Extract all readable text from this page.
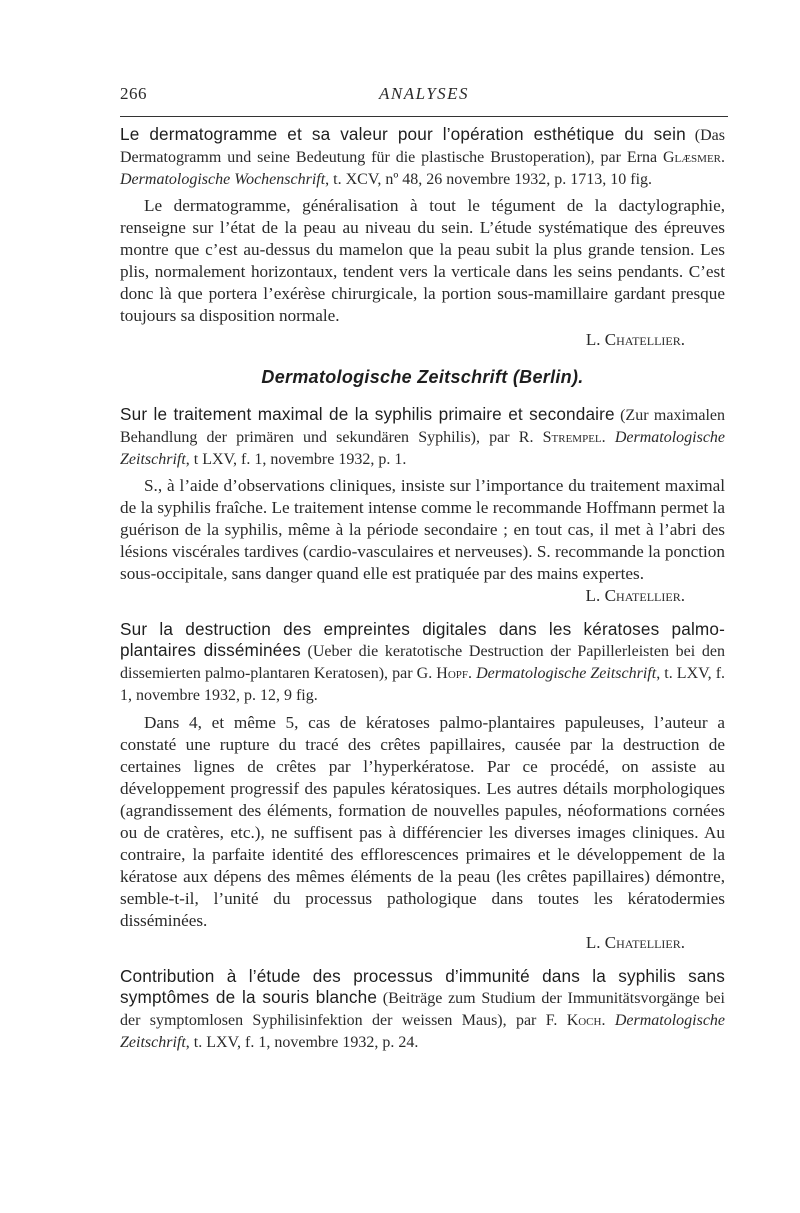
266	ANALYSES
Le dermatogramme et sa valeur pour l’opération esthétique du sein (Das Dermatogramm und seine Bedeutung für die plastische Brustoperation), par Erna Glæsmer. Dermatologische Wochenschrift, t. XCV, nº 48, 26 novembre 1932, p. 1713, 10 fig.

Le dermatogramme, généralisation à tout le tégument de la dactylographie, renseigne sur l’état de la peau au niveau du sein. L’étude systématique des épreuves montre que c’est au-dessus du mamelon que la peau subit la plus grande tension. Les plis, normalement horizontaux, tendent vers la verticale dans les seins pendants. C’est donc là que portera l’exérèse chirurgicale, la portion sous-mamillaire gardant presque toujours sa disposition normale.

L. Chatellier.

Dermatologische Zeitschrift (Berlin).

Sur le traitement maximal de la syphilis primaire et secondaire (Zur maximalen Behandlung der primären und sekundären Syphilis), par R. Strempel. Dermatologische Zeitschrift, t LXV, f. 1, novembre 1932, p. 1.
S., à l’aide d’observations cliniques, insiste sur l’importance du traitement maximal de la syphilis fraîche. Le traitement intense comme le recommande Hoffmann permet la guérison de la syphilis, même à la période secondaire ; en tout cas, il met à l’abri des lésions viscérales tardives (cardio-vasculaires et nerveuses). S. recommande la ponction sous-occipitale, sans danger quand elle est pratiquée par des mains expertes.
L. Chatellier.
Sur la destruction des empreintes digitales dans les kératoses palmo-plantaires disséminées (Ueber die keratotische Destruction der Papillerleisten bei den dissemierten palmo-plantaren Keratosen), par G. Hopf. Dermatologische Zeitschrift, t. LXV, f. 1, novembre 1932, p. 12, 9 fig.

Dans 4, et même 5, cas de kératoses palmo-plantaires papuleuses, l’auteur a constaté une rupture du tracé des crêtes papillaires, causée par la destruction de certaines lignes de crêtes par l’hyperkératose. Par ce procédé, on assiste au développement progressif des papules kératosiques. Les autres détails morphologiques (agrandissement des éléments, formation de nouvelles papules, néoformations cornées ou de cratères, etc.), ne suffisent pas à différencier les diverses images cliniques. Au contraire, la parfaite identité des efflorescences primaires et le développement de la kératose aux dépens des mêmes éléments de la peau (les crêtes papillaires) démontre, semble-t-il, l’unité du processus pathologique dans toutes les kératodermies disséminées.

L. Chatellier.

Contribution à l’étude des processus d’immunité dans la syphilis sans symptômes de la souris blanche (Beiträge zum Studium der Immunitätsvorgänge bei der symptomlosen Syphilisinfektion der weissen Maus), par F. Koch. Dermatologische Zeitschrift, t. LXV, f. 1, novembre 1932, p. 24.
